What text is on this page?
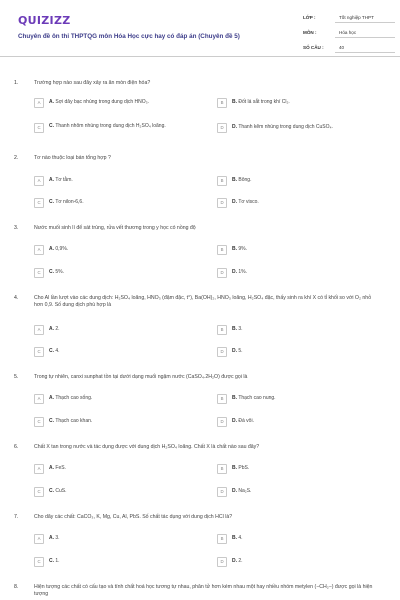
QUIZIZZ
Chuyên đề ôn thi THPTQG môn Hóa Học cực hay có đáp án (Chuyên đề 5)
LỚP :	Tốt nghiệp THPT
MÔN :	Hóa học
SỐ CÂU :	40
1.	Trường hợp nào sau đây xảy ra ăn mòn điện hóa?
A	A. Sợi dây bạc nhúng trong dung dịch HNO₃.	B	B. Đốt lá sắt trong khí Cl₂.
C	C. Thanh nhôm nhúng trong dung dịch H₂SO₄ loãng.	D	D. Thanh kẽm nhúng trong dung dịch CuSO₄.
2.	Tơ nào thuộc loại bán tổng hợp ?
A	A. Tơ tằm.	B	B. Bông.
C	C. Tơ nilon-6,6.	D	D. Tơ visco.
3.	Nước muối sinh lí để sát trùng, rửa vết thương trong y học có nồng độ
A	A. 0,9%.	B	B. 9%.
C	C. 5%.	D	D. 1%.
4.	Cho Al lần lượt vào các dung dịch: H₂SO₄ loãng, HNO₃ (đậm đặc, t°), Ba(OH)₂, HNO₃ loãng, H₂SO₄ đặc, thấy sinh ra khí X có tỉ khối so với O₂ nhỏ hơn 0,9. Số dung dịch phù hợp là
A	A. 2.	B	B. 3.
C	C. 4.	D	D. 5.
5.	Trong tự nhiên, canxi sunphat tồn tại dưới dạng muối ngậm nước (CaSO₄.2H₂O) được gọi là
A	A. Thạch cao sống.	B	B. Thạch cao nung.
C	C. Thạch cao khan.	D	D. Đá vôi.
6.	Chất X tan trong nước và tác dụng được với dung dịch H₂SO₄ loãng. Chất X là chất nào sau đây?
A	A. FeS.	B	B. PbS.
C	C. CuS.	D	D. Na₂S.
7.	Cho dãy các chất: CaCO₃, K, Mg, Cu, Al, PbS. Số chất tác dụng với dung dịch HCl là?
A	A. 3.	B	B. 4.
C	C. 1.	D	D. 2.
8.	Hiện tượng các chất có cấu tạo và tính chất hoá học tương tự nhau, phân tử hơn kém nhau một hay nhiều nhóm metylen (−CH₂−) được gọi là hiện tượng
